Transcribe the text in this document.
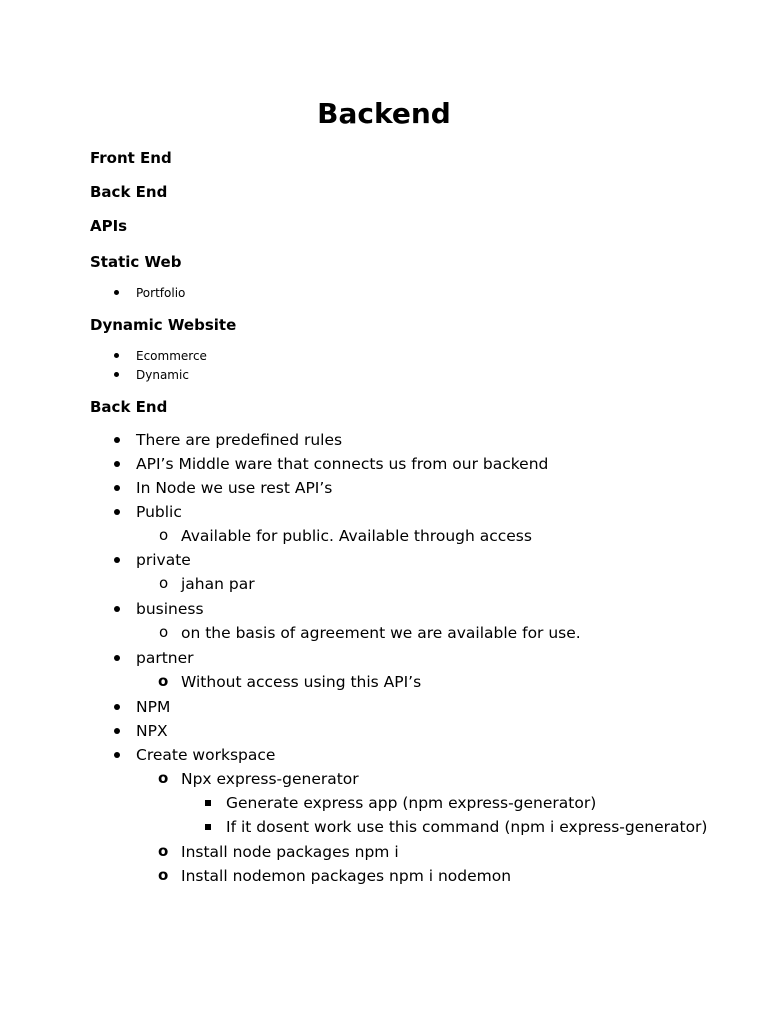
Backend
Front End
Back End
APIs
Static Web
Portfolio
Dynamic Website
Ecommerce
Dynamic
Back End
There are predefined rules
API’s Middle ware that connects us from our backend
In Node we use rest API’s
Public
o Available for public. Available through access
private
o jahan par
business
o on the basis of agreement we are available for use.
partner
o Without access using this API’s
NPM
NPX
Create workspace
o Npx express-generator
Generate express app (npm express-generator)
If it dosent work use this command (npm i express-generator)
o Install node packages npm i
o Install nodemon packages npm i nodemon
